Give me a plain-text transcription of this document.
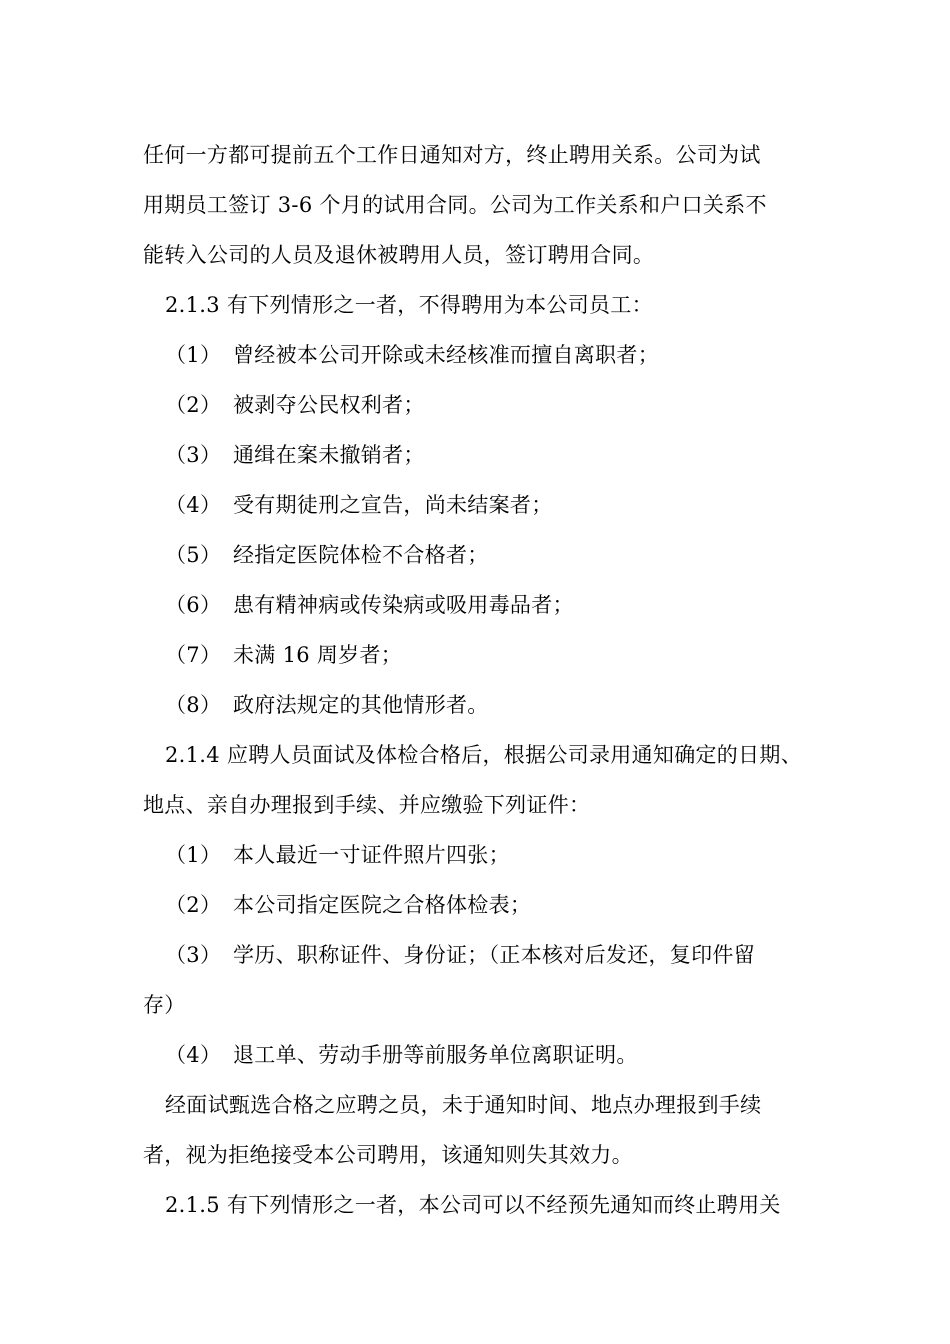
任何一方都可提前五个工作日通知对方，终止聘用关系。公司为试
用期员工签订 3-6 个月的试用合同。公司为工作关系和户口关系不
能转入公司的人员及退休被聘用人员，签订聘用合同。
2.1.3 有下列情形之一者，不得聘用为本公司员工：
（1） 曾经被本公司开除或未经核准而擅自离职者；
（2） 被剥夺公民权利者；
（3） 通缉在案未撤销者；
（4） 受有期徒刑之宣告，尚未结案者；
（5） 经指定医院体检不合格者；
（6） 患有精神病或传染病或吸用毒品者；
（7） 未满 16 周岁者；
（8） 政府法规定的其他情形者。
2.1.4 应聘人员面试及体检合格后，根据公司录用通知确定的日期、
地点、亲自办理报到手续、并应缴验下列证件：
（1） 本人最近一寸证件照片四张；
（2） 本公司指定医院之合格体检表；
（3） 学历、职称证件、身份证；（正本核对后发还，复印件留
存）
（4） 退工单、劳动手册等前服务单位离职证明。
经面试甄选合格之应聘之员，未于通知时间、地点办理报到手续
者，视为拒绝接受本公司聘用，该通知则失其效力。
2.1.5 有下列情形之一者，本公司可以不经预先通知而终止聘用关
